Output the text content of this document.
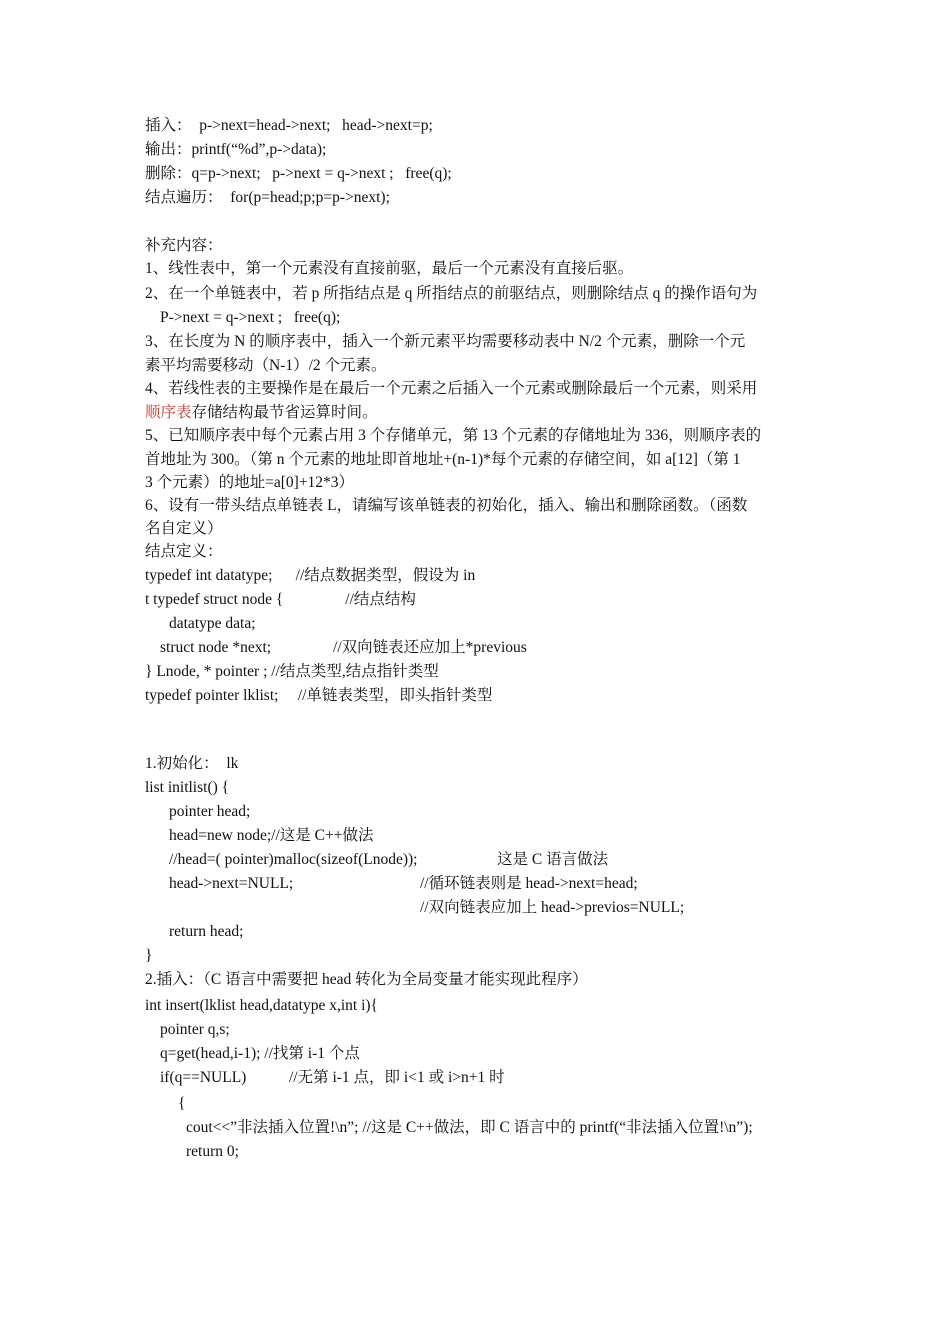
插入：  p->next=head->next;   head->next=p;
输出：printf(“%d”,p->data);
删除：q=p->next;   p->next = q->next ;   free(q);
结点遍历：  for(p=head;p;p=p->next);
补充内容：
1、线性表中，第一个元素没有直接前驱，最后一个元素没有直接后驱。
2、在一个单链表中，若 p 所指结点是 q 所指结点的前驱结点，则删除结点 q 的操作语句为
P->next = q->next ;   free(q);
3、在长度为 N 的顺序表中，插入一个新元素平均需要移动表中 N/2 个元素，删除一个元
素平均需要移动（N-1）/2 个元素。
4、若线性表的主要操作是在最后一个元素之后插入一个元素或删除最后一个元素，则采用
顺序表存储结构最节省运算时间。
5、已知顺序表中每个元素占用 3 个存储单元，第 13 个元素的存储地址为 336，则顺序表的
首地址为 300。（第 n 个元素的地址即首地址+(n-1)*每个元素的存储空间，如 a[12]（第 1
3 个元素）的地址=a[0]+12*3）
6、设有一带头结点单链表 L，请编写该单链表的初始化，插入、输出和删除函数。（函数
名自定义）
结点定义：
typedef int datatype;      //结点数据类型，假设为 in
t typedef struct node {                //结点结构
datatype data;
struct node *next;                //双向链表还应加上*previous
} Lnode, * pointer ; //结点类型,结点指针类型
typedef pointer lklist;     //单链表类型，即头指针类型
1.初始化：  lk
list initlist() {
pointer head;
head=new node;//这是 C++做法
//head=( pointer)malloc(sizeof(Lnode));	这是 C 语言做法
head->next=NULL;	//循环链表则是 head->next=head;
//双向链表应加上 head->previos=NULL;
return head;
}
2.插入：（C 语言中需要把 head 转化为全局变量才能实现此程序）
int insert(lklist head,datatype x,int i){
pointer q,s;
q=get(head,i-1); //找第 i-1 个点
if(q==NULL)           //无第 i-1 点，即 i<1 或 i>n+1 时
{
cout<<”非法插入位置!\n”; //这是 C++做法，即 C 语言中的 printf(“非法插入位置!\n”);
return 0;
